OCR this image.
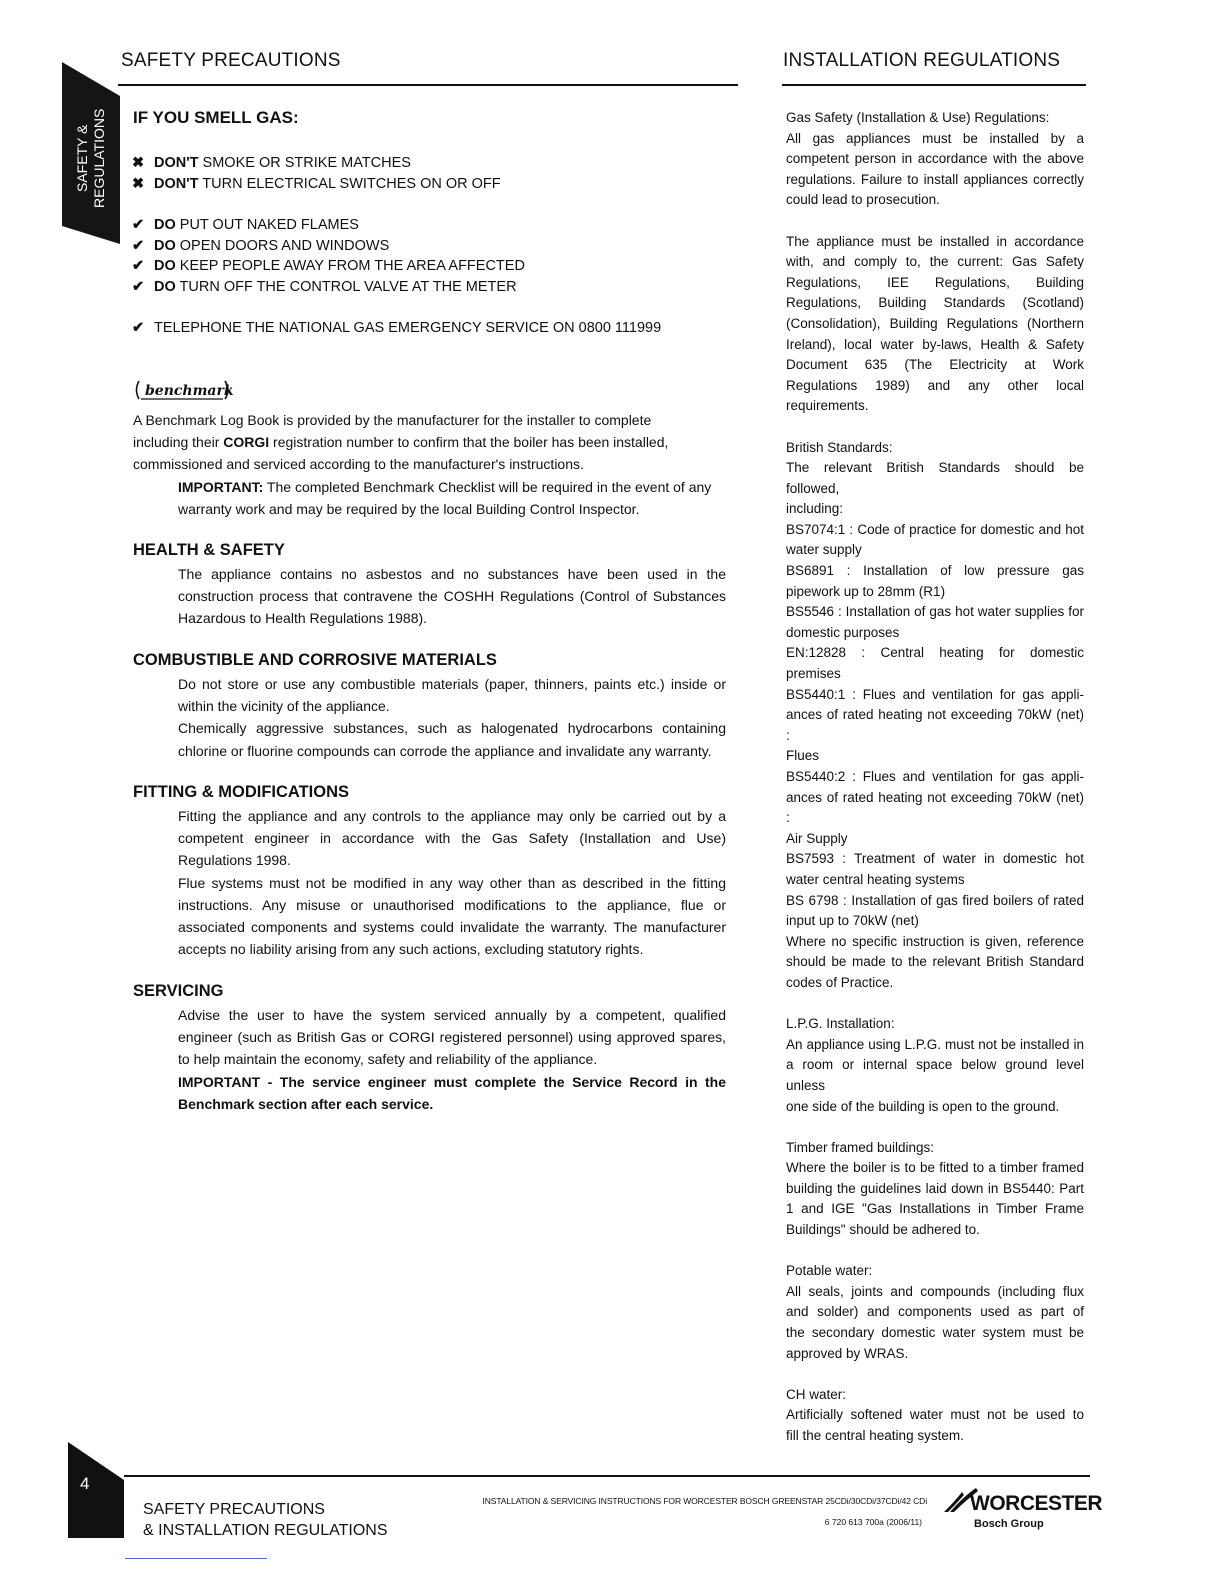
SAFETY PRECAUTIONS	INSTALLATION REGULATIONS
SAFETY &
REGULATIONS	IF YOU SMELL GAS:
✖ DON'T SMOKE OR STRIKE MATCHES
✖ DON'T TURN ELECTRICAL SWITCHES ON OR OFF
✔ DO PUT OUT NAKED FLAMES
✔ DO OPEN DOORS AND WINDOWS
✔ DO KEEP PEOPLE AWAY FROM THE AREA AFFECTED
✔ DO TURN OFF THE CONTROL VALVE AT THE METER
✔ TELEPHONE THE NATIONAL GAS EMERGENCY SERVICE ON 0800 111999
benchmark
A Benchmark Log Book is provided by the manufacturer for the installer to complete
including their CORGI registration number to confirm that the boiler has been installed,
commissioned and serviced according to the manufacturer's instructions.
IMPORTANT: The completed Benchmark Checklist will be required in the event of any
warranty work and may be required by the local Building Control Inspector.
HEALTH & SAFETY
The appliance contains no asbestos and no substances have been used in the
construction process that contravene the COSHH Regulations (Control of Substances
Hazardous to Health Regulations 1988).
COMBUSTIBLE AND CORROSIVE MATERIALS
Do not store or use any combustible materials (paper, thinners, paints etc.) inside or
within the vicinity of the appliance.
Chemically aggressive substances, such as halogenated hydrocarbons containing
chlorine or fluorine compounds can corrode the appliance and invalidate any warranty.
FITTING & MODIFICATIONS
Fitting the appliance and any controls to the appliance may only be carried out by a
competent engineer in accordance with the Gas Safety (Installation and Use)
Regulations 1998.
Flue systems must not be modified in any way other than as described in the fitting
instructions. Any misuse or unauthorised modifications to the appliance, flue or
associated components and systems could invalidate the warranty. The manufacturer
accepts no liability arising from any such actions, excluding statutory rights.
SERVICING
Advise the user to have the system serviced annually by a competent, qualified
engineer (such as British Gas or CORGI registered personnel) using approved spares,
to help maintain the economy, safety and reliability of the appliance.
IMPORTANT - The service engineer must complete the Service Record in the
Benchmark section after each service.

Gas Safety (Installation & Use) Regulations:

All gas appliances must be installed by a

competent person in accordance with the above

regulations. Failure to install appliances correctly

could lead to prosecution.

The appliance must be installed in accordance

with, and comply to, the current: Gas Safety

Regulations, IEE Regulations, Building

Regulations, Building Standards (Scotland)

(Consolidation), Building Regulations (Northern

Ireland), local water by-laws, Health & Safety

Document 635 (The Electricity at Work

Regulations 1989) and any other local

requirements.

British Standards:

The relevant British Standards should be followed,

including:

BS7074:1 : Code of practice for domestic and hot

water supply

BS6891 : Installation of low pressure gas

pipework up to 28mm (R1)

BS5546 : Installation of gas hot water supplies for

domestic purposes

EN:12828 : Central heating for domestic premises

BS5440:1 : Flues and ventilation for gas appli-

ances of rated heating not exceeding 70kW (net) :

Flues

BS5440:2 : Flues and ventilation for gas appli-

ances of rated heating not exceeding 70kW (net) :

Air Supply

BS7593 : Treatment of water in domestic hot

water central heating systems

BS 6798 : Installation of gas fired boilers of rated

input up to 70kW (net)

Where no specific instruction is given, reference

should be made to the relevant British Standard

codes of Practice.

L.P.G. Installation:

An appliance using L.P.G. must not be installed in

a room or internal space below ground level unless

one side of the building is open to the ground.

Timber framed buildings:

Where the boiler is to be fitted to a timber framed

building the guidelines laid down in BS5440: Part

1 and IGE "Gas Installations in Timber Frame

Buildings" should be adhered to.

Potable water:

All seals, joints and compounds (including flux

and solder) and components used as part of

the secondary domestic water system must be

approved by WRAS.

CH water:

Artificially softened water must not be used to

fill the central heating system.

4
SAFETY PRECAUTIONS
& INSTALLATION REGULATIONS
INSTALLATION & SERVICING INSTRUCTIONS FOR WORCESTER BOSCH GREENSTAR 25CDi/30CDi/37CDi/42 CDi
6 720 613 700a (2006/11)
WORCESTER
Bosch Group
